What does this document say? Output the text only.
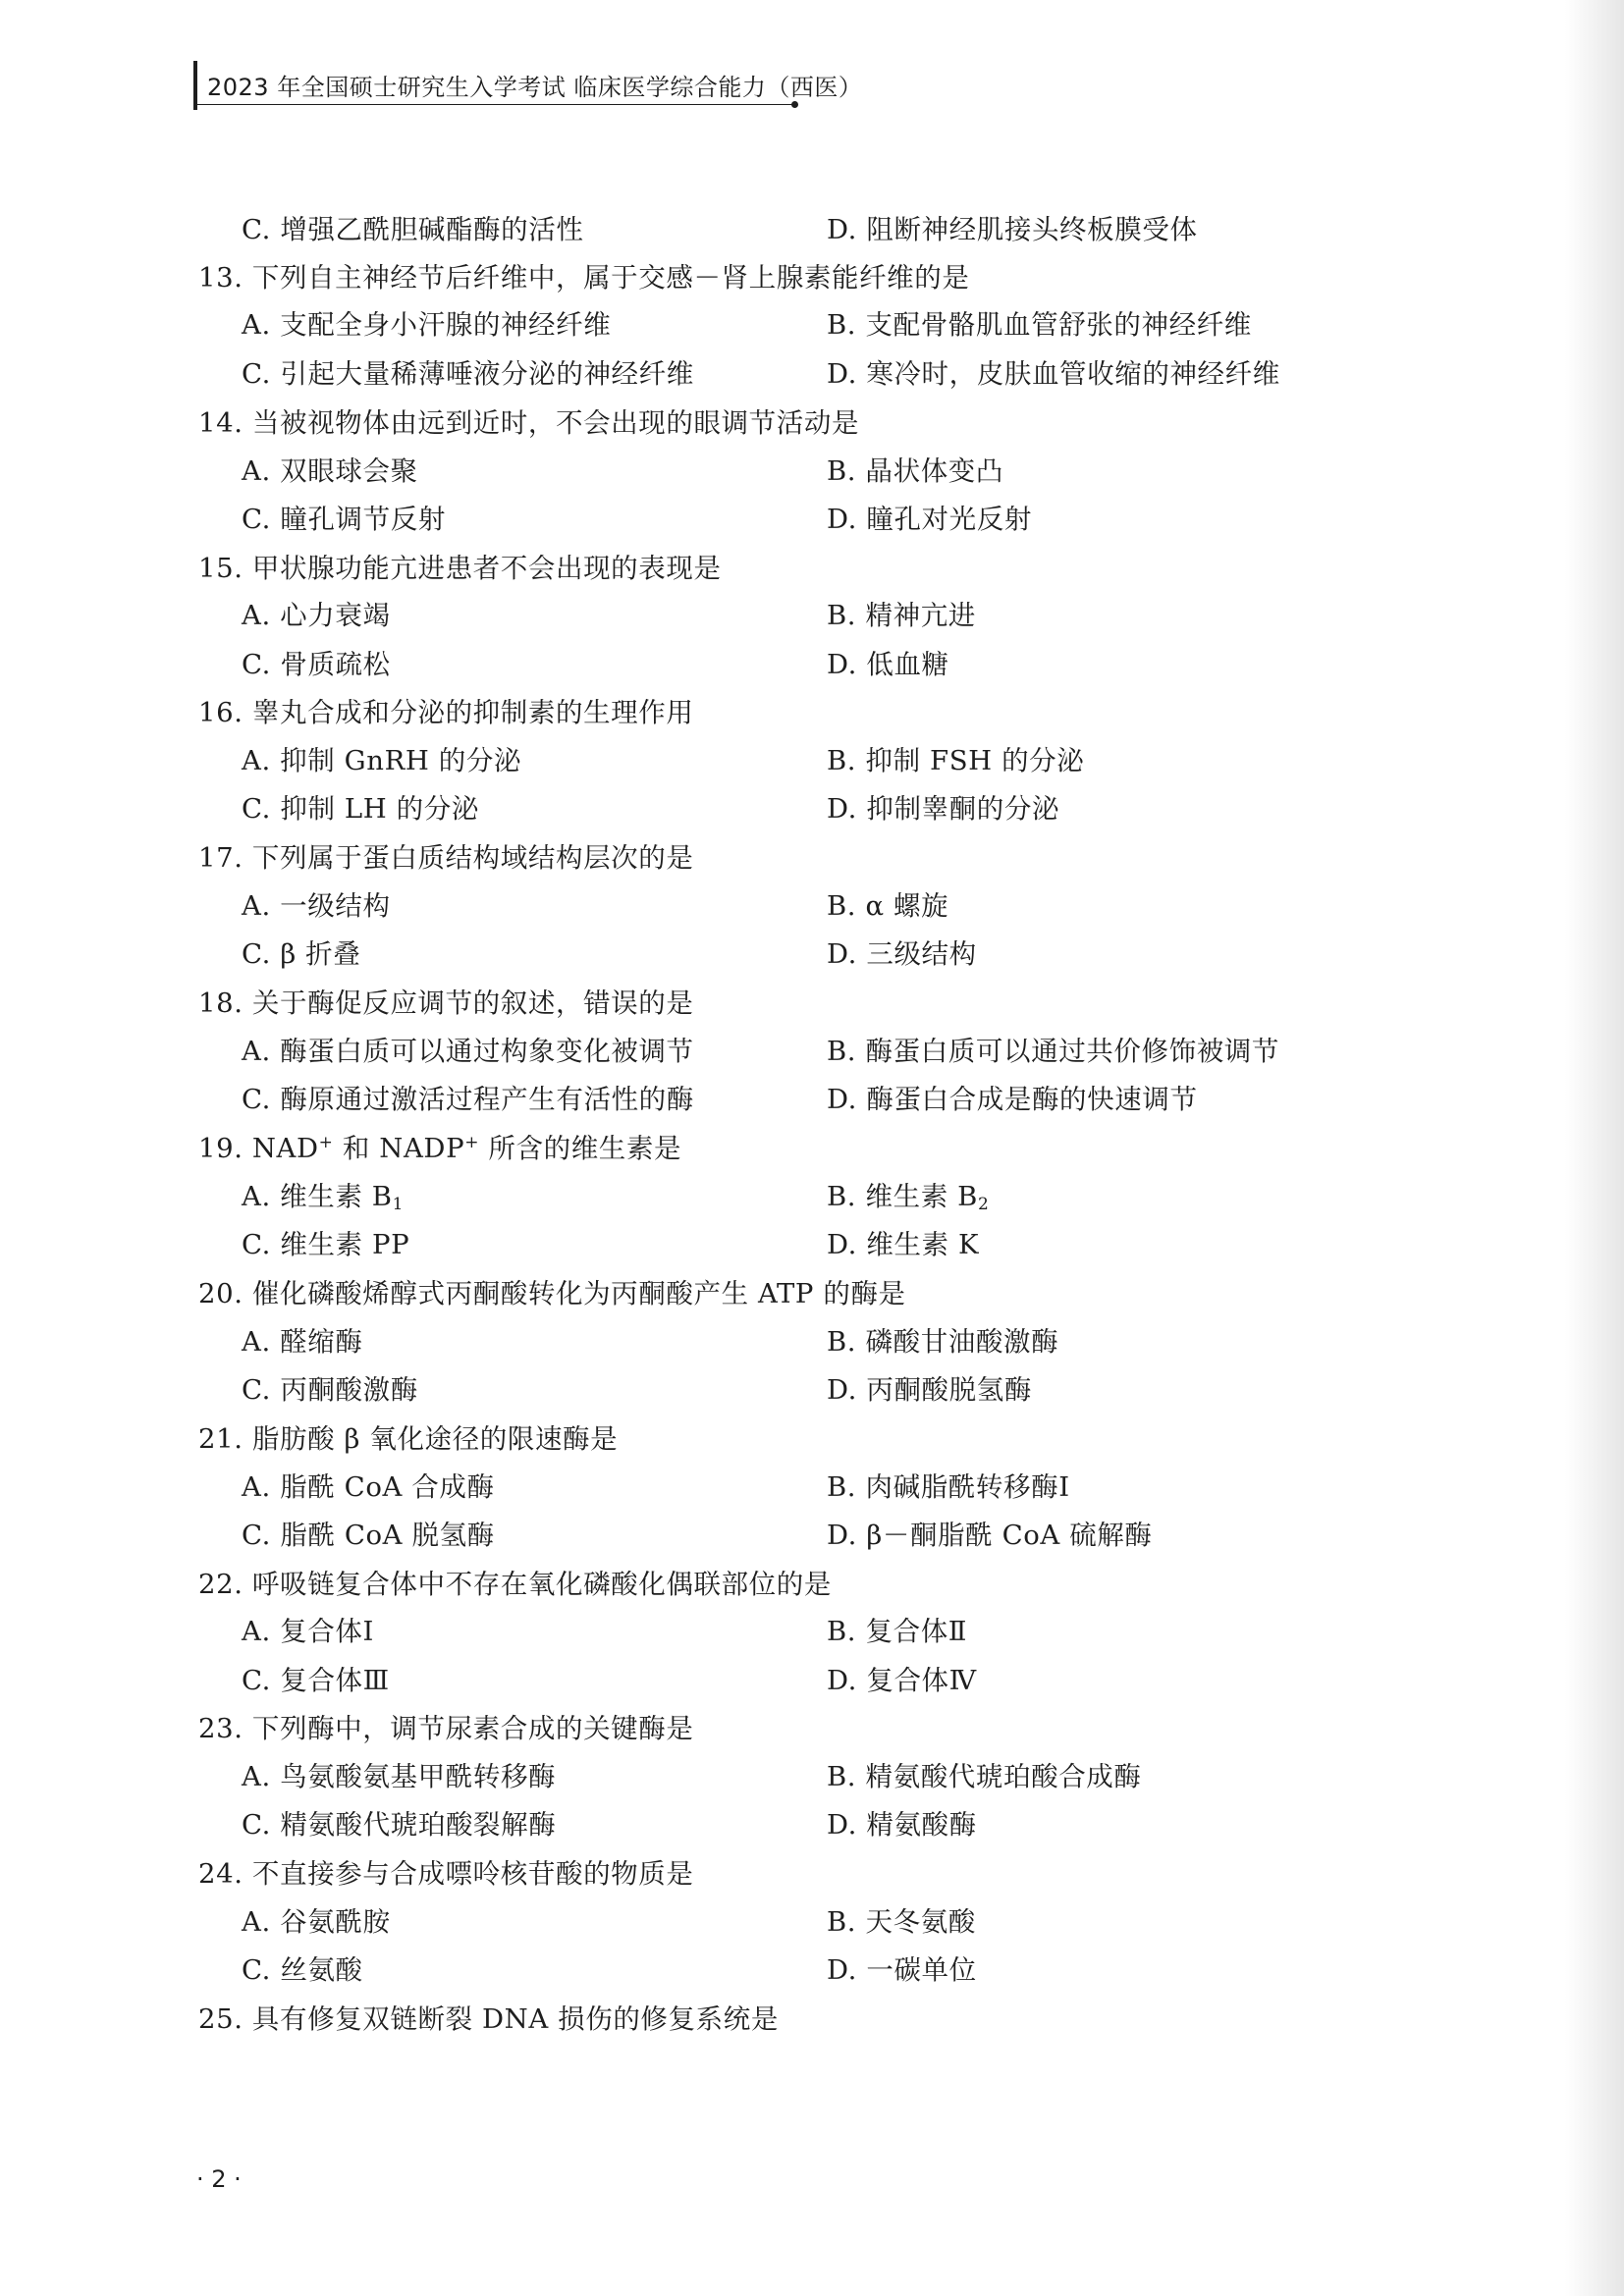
2023 年全国硕士研究生入学考试 临床医学综合能力（西医）
C. 增强乙酰胆碱酯酶的活性	D. 阻断神经肌接头终板膜受体
13. 下列自主神经节后纤维中，属于交感－肾上腺素能纤维的是
A. 支配全身小汗腺的神经纤维	B. 支配骨骼肌血管舒张的神经纤维
C. 引起大量稀薄唾液分泌的神经纤维	D. 寒冷时，皮肤血管收缩的神经纤维
14. 当被视物体由远到近时，不会出现的眼调节活动是
A. 双眼球会聚	B. 晶状体变凸
C. 瞳孔调节反射	D. 瞳孔对光反射
15. 甲状腺功能亢进患者不会出现的表现是
A. 心力衰竭	B. 精神亢进
C. 骨质疏松	D. 低血糖
16. 睾丸合成和分泌的抑制素的生理作用
A. 抑制 GnRH 的分泌	B. 抑制 FSH 的分泌
C. 抑制 LH 的分泌	D. 抑制睾酮的分泌
17. 下列属于蛋白质结构域结构层次的是
A. 一级结构	B. α 螺旋
C. β 折叠	D. 三级结构
18. 关于酶促反应调节的叙述，错误的是
A. 酶蛋白质可以通过构象变化被调节	B. 酶蛋白质可以通过共价修饰被调节
C. 酶原通过激活过程产生有活性的酶	D. 酶蛋白合成是酶的快速调节
19. NAD+ 和 NADP+ 所含的维生素是
A. 维生素 $B_1$	B. 维生素 $B_2$
C. 维生素 PP	D. 维生素 K
20. 催化磷酸烯醇式丙酮酸转化为丙酮酸产生 ATP 的酶是
A. 醛缩酶	B. 磷酸甘油酸激酶
C. 丙酮酸激酶	D. 丙酮酸脱氢酶
21. 脂肪酸 β 氧化途径的限速酶是
A. 脂酰 CoA 合成酶	B. 肉碱脂酰转移酶Ⅰ
C. 脂酰 CoA 脱氢酶	D. β－酮脂酰 CoA 硫解酶
22. 呼吸链复合体中不存在氧化磷酸化偶联部位的是
A. 复合体Ⅰ	B. 复合体Ⅱ
C. 复合体Ⅲ	D. 复合体Ⅳ
23. 下列酶中，调节尿素合成的关键酶是
A. 鸟氨酸氨基甲酰转移酶	B. 精氨酸代琥珀酸合成酶
C. 精氨酸代琥珀酸裂解酶	D. 精氨酸酶
24. 不直接参与合成嘌呤核苷酸的物质是
A. 谷氨酰胺	B. 天冬氨酸
C. 丝氨酸	D. 一碳单位
25. 具有修复双链断裂 DNA 损伤的修复系统是
· 2 ·
